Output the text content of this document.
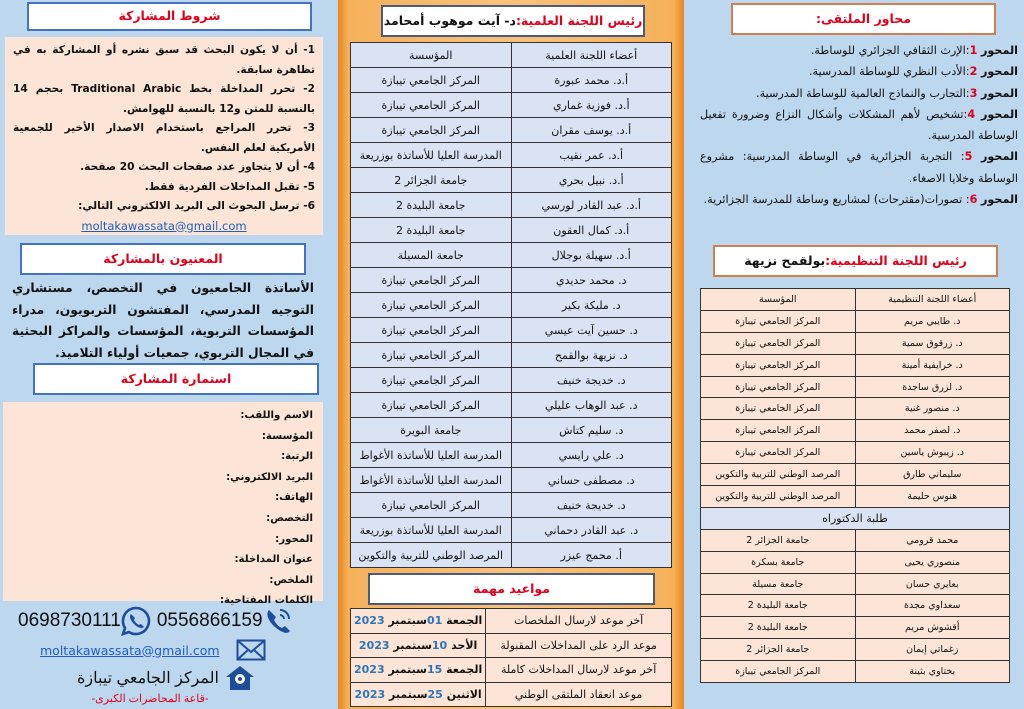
شروط المشاركة

1- أن لا يكون البحث قد سبق نشره أو المشاركة به في تظاهرة سابقة.

2- تحرر المداخلة بخط Traditional Arabic بحجم 14 بالنسبة للمتن و12 بالنسبة للهوامش.

3- تحرر المراجع باستخدام الاصدار الأخير للجمعية الأمريكية لعلم النفس.

4- أن لا يتجاوز عدد صفحات البحث 20 صفحة.

5- تقبل المداخلات الفردية فقط.

6- ترسل البحوث الى البريد الالكتروني التالي:

moltakawassata@gmail.com

المعنيون بالمشاركة
الأساتذة الجامعيون في التخصص، مستشاري التوجيه المدرسي، المفتشون التربويون، مدراء المؤسسات التربوية، المؤسسات والمراكز البحثية في المجال التربوي، جمعيات أولياء التلاميذ.
استمارة المشاركة
الاسم واللقب:
المؤسسة:
الرتبة:
البريد الالكتروني:
الهاتف:
التخصص:
المحور:
عنوان المداخلة:
الملخص:
الكلمات المفتاحية:
0698730111 0556866159
moltakawassata@gmail.com
المركز الجامعي تيبازة
-قاعة المحاضرات الكبرى-
رئيس اللجنة العلمية:
د- آيت موهوب أمحامد
أعضاء اللجنة العلمية	المؤسسة
أ.د. محمد عبورة	المركز الجامعي تيبازة
أ.د. فوزية غماري	المركز الجامعي تيبازة
أ.د. يوسف مقران	المركز الجامعي تيبازة
أ.د. عمر نقيب	المدرسة العليا للأساتذة بوزريعة
أ.د. نبيل بحري	جامعة الجزائر 2
أ.د. عبد القادر لورسي	جامعة البليدة 2
أ.د. كمال العقون	جامعة البليدة 2
أ.د. سهيلة بوجلال	جامعة المسيلة
د. محمد حديدي	المركز الجامعي تيبازة
د. مليكة بكير	المركز الجامعي تيبازة
د. حسين آيت عيسي	المركز الجامعي تيبازة
د. نزيهة بوالقمح	المركز الجامعي تيبازة
د. خديجة خنيف	المركز الجامعي تيبازة
د. عبد الوهاب عليلي	المركز الجامعي تيبازة
د. سليم كتاش	جامعة البويرة
د. علي رايسي	المدرسة العليا للأساتذة الأغواط
د. مصطفى حساني	المدرسة العليا للأساتذة الأغواط
د. خديجة خنيف	المركز الجامعي تيبازة
د. عبد القادر دحماني	المدرسة العليا للأساتذة بوزريعة
أ. محمج عيزر	المرصد الوطني للتربية والتكوين
مواعيد مهمة
آخر موعد لارسال الملخصات	الجمعة 01سبتمبر 2023
موعد الرد على المداخلات المقبولة	الأحد 10سبتمبر 2023
آخر موعد لارسال المداخلات كاملة	الجمعة 15سبتمبر 2023
موعد انعقاد الملتقى الوطني	الاثنين 25سبتمبر 2023
محاور الملتقى:

المحور 1:الإرث الثقافي الجزائري للوساطة.

المحور 2:الأدب النظري للوساطة المدرسية.

المحور 3:التجارب والنماذج العالمية للوساطة المدرسية.

المحور 4:تشخيص لأهم المشكلات وأشكال النزاع وضرورة تفعيل الوساطة المدرسية.

المحور 5: التجربة الجزائرية في الوساطة المدرسية: مشروع الوساطة وخلايا الاصغاء.

المحور 6: تصورات(مقترحات) لمشاريع وساطة للمدرسة الجزائرية.

رئيس اللجنة التنظيمية:
بولقمح نزيهة
أعضاء اللجنة التنظيمية	المؤسسة
د. طايبي مريم	المركز الجامعي تيبازة
د. زرقوق سمية	المركز الجامعي تيبازة
د. خرايفية أمينة	المركز الجامعي تيبازة
د. لزرق ساجدة	المركز الجامعي تيبازة
د. منصور غنية	المركز الجامعي تيبازة
د. لصفر محمد	المركز الجامعي تيبازة
د. زيبوش ياسين	المركز الجامعي تيبازة
سليماني طارق	المرصد الوطني للتربية والتكوين
هنوس حليمة	المرصد الوطني للتربية والتكوين
طلبة الدكتوراه	
محمد قرومي	جامعة الجزائر 2
منصوري يحيى	جامعة بسكرة
بعايري حسان	جامعة مسيلة
سعداوي مجدة	جامعة البليدة 2
أقشوش مريم	جامعة البليدة 2
زغماتي إيمان	جامعة الجزائر 2
بختاوي بثينة	المركز الجامعي تيبازة
